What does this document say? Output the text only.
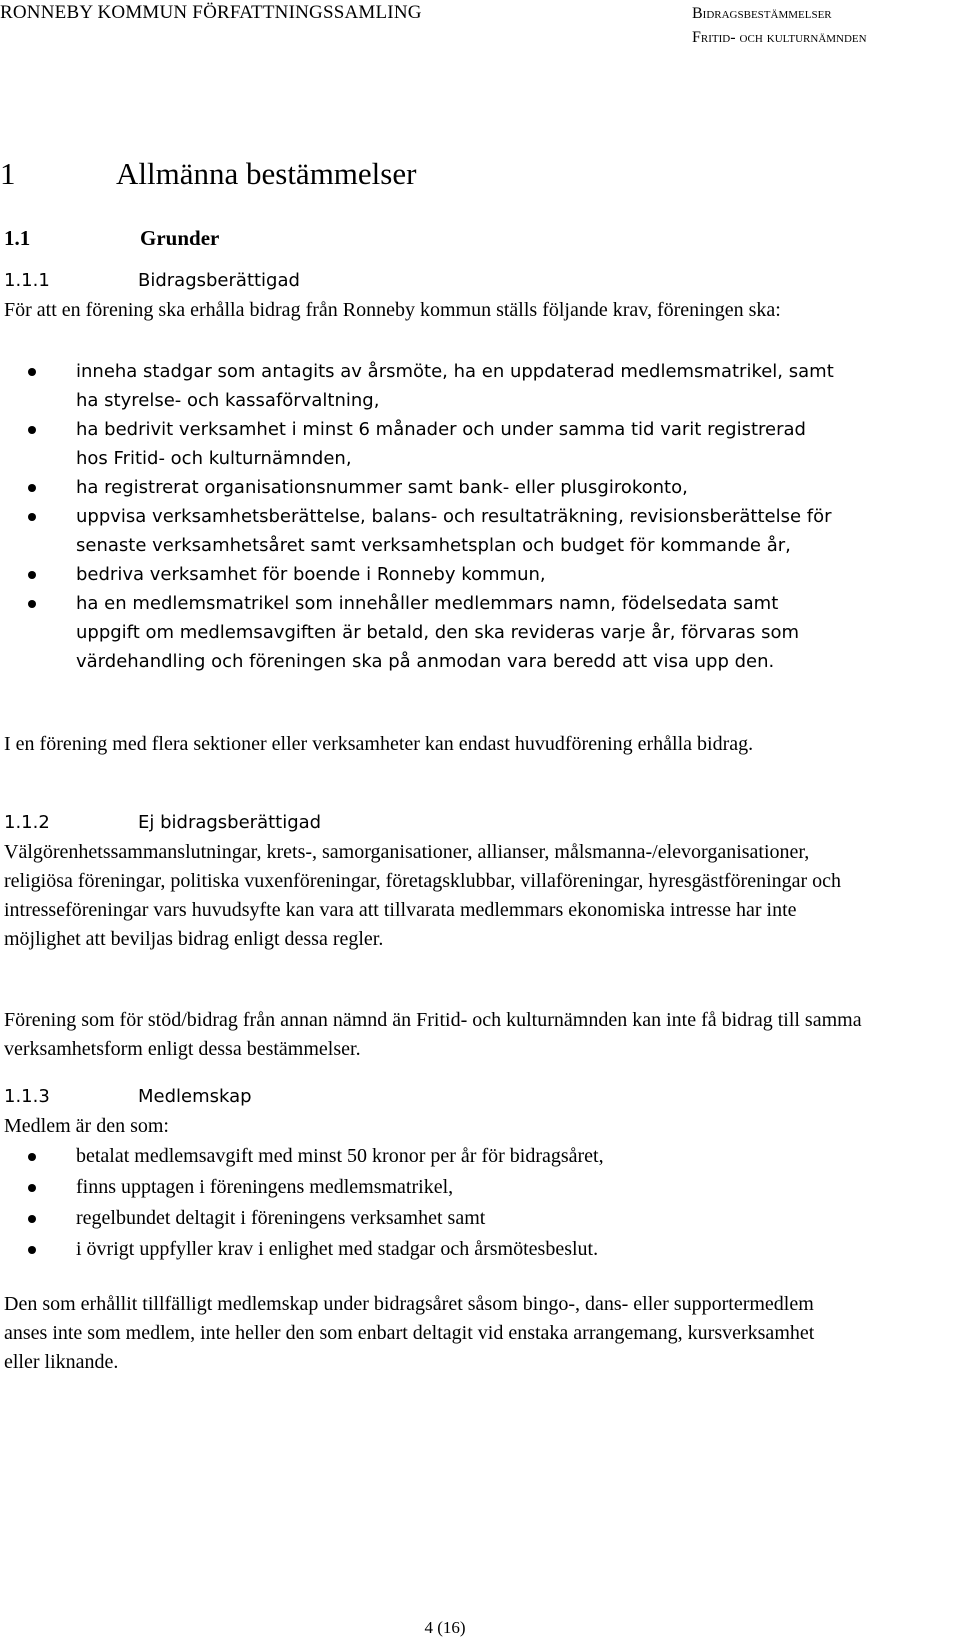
RONNEBY KOMMUN FÖRFATTNINGSSAMLING	Bidragsbestämmelser
Fritid- och kulturnämnden
1	Allmänna bestämmelser
1.1	Grunder
1.1.1	Bidragsberättigad
För att en förening ska erhålla bidrag från Ronneby kommun ställs följande krav, föreningen ska:
inneha stadgar som antagits av årsmöte, ha en uppdaterad medlemsmatrikel, samt ha styrelse- och kassaförvaltning,
ha bedrivit verksamhet i minst 6 månader och under samma tid varit registrerad hos Fritid- och kulturnämnden,
ha registrerat organisationsnummer samt bank- eller plusgirokonto,
uppvisa verksamhetsberättelse, balans- och resultaträkning, revisionsberättelse för senaste verksamhetsåret samt verksamhetsplan och budget för kommande år,
bedriva verksamhet för boende i Ronneby kommun,
ha en medlemsmatrikel som innehåller medlemmars namn, födelsedata samt uppgift om medlemsavgiften är betald, den ska revideras varje år, förvaras som värdehandling och föreningen ska på anmodan vara beredd att visa upp den.
I en förening med flera sektioner eller verksamheter kan endast huvudförening erhålla bidrag.
1.1.2	Ej bidragsberättigad
Välgörenhetssammanslutningar, krets-, samorganisationer, allianser, målsmanna-/elevorganisationer, religiösa föreningar, politiska vuxenföreningar, företagsklubbar, villaföreningar, hyresgästföreningar och intresseföreningar vars huvudsyfte kan vara att tillvarata medlemmars ekonomiska intresse har inte möjlighet att beviljas bidrag enligt dessa regler.
Förening som för stöd/bidrag från annan nämnd än Fritid- och kulturnämnden kan inte få bidrag till samma verksamhetsform enligt dessa bestämmelser.
1.1.3	Medlemskap
Medlem är den som:
betalat medlemsavgift med minst 50 kronor per år för bidragsåret,
finns upptagen i föreningens medlemsmatrikel,
regelbundet deltagit i föreningens verksamhet samt
i övrigt uppfyller krav i enlighet med stadgar och årsmötesbeslut.
Den som erhållit tillfälligt medlemskap under bidragsåret såsom bingo-, dans- eller supportermedlem anses inte som medlem, inte heller den som enbart deltagit vid enstaka arrangemang, kursverksamhet eller liknande.
4 (16)
